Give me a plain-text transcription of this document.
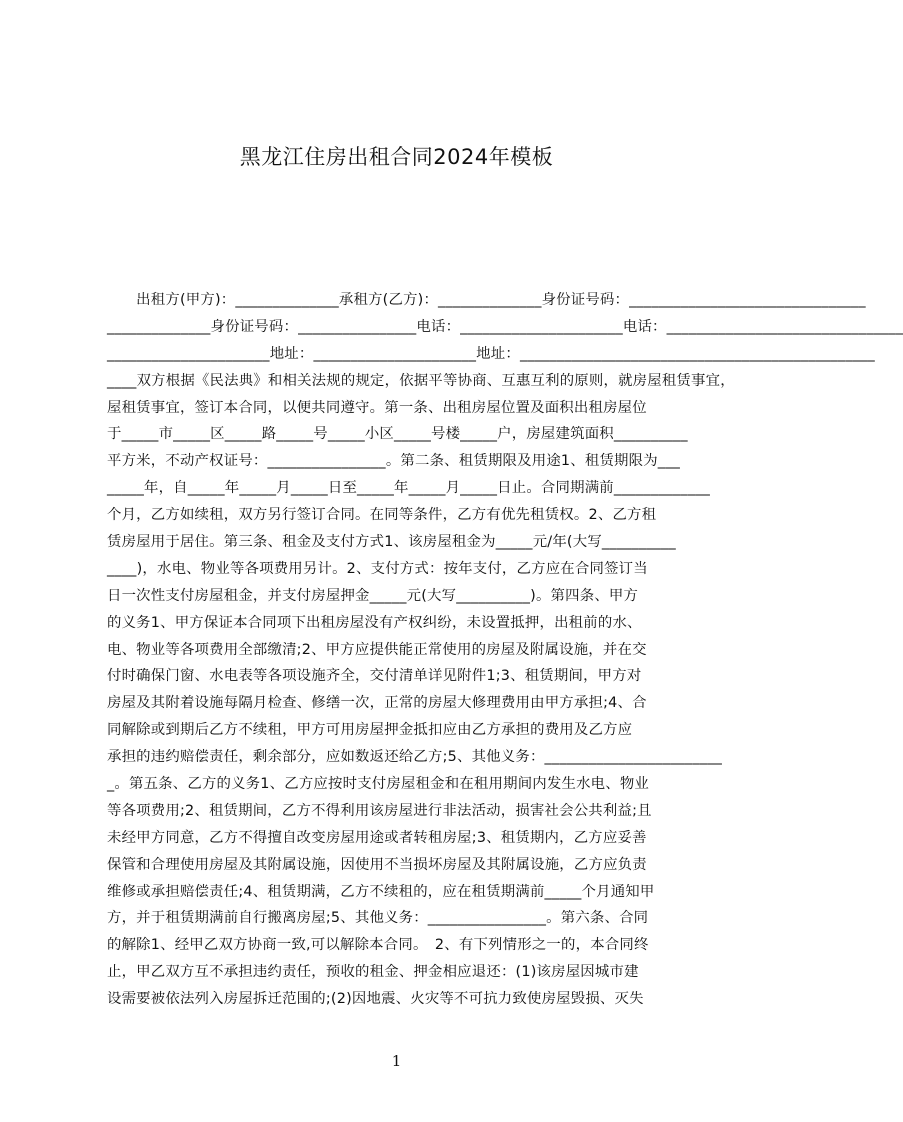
黑龙江住房出租合同2024年模板
　　出租方(甲方)：______________承租方(乙方)：______________身份证号码：________________________________
______________身份证号码：________________电话：______________________电话：________________________________
______________________地址：______________________地址：________________________________________________
____双方根据《民法典》和相关法规的规定，依据平等协商、互惠互利的原则，就房屋租赁事宜，
屋租赁事宜，签订本合同，以便共同遵守。第一条、出租房屋位置及面积出租房屋位
于_____市_____区_____路_____号_____小区_____号楼_____户，房屋建筑面积__________
平方米，不动产权证号：________________。第二条、租赁期限及用途1、租赁期限为___
_____年，自_____年_____月_____日至_____年_____月_____日止。合同期满前_____________
个月，乙方如续租，双方另行签订合同。在同等条件，乙方有优先租赁权。2、乙方租
赁房屋用于居住。第三条、租金及支付方式1、该房屋租金为_____元/年(大写__________
____)，水电、物业等各项费用另计。2、支付方式：按年支付，乙方应在合同签订当
日一次性支付房屋租金，并支付房屋押金_____元(大写__________)。第四条、甲方
的义务1、甲方保证本合同项下出租房屋没有产权纠纷，未设置抵押，出租前的水、
电、物业等各项费用全部缴清;2、甲方应提供能正常使用的房屋及附属设施，并在交
付时确保门窗、水电表等各项设施齐全，交付清单详见附件1;3、租赁期间，甲方对
房屋及其附着设施每隔月检查、修缮一次，正常的房屋大修理费用由甲方承担;4、合
同解除或到期后乙方不续租，甲方可用房屋押金抵扣应由乙方承担的费用及乙方应
承担的违约赔偿责任，剩余部分，应如数返还给乙方;5、其他义务：________________________
_。第五条、乙方的义务1、乙方应按时支付房屋租金和在租用期间内发生水电、物业
等各项费用;2、租赁期间，乙方不得利用该房屋进行非法活动，损害社会公共利益;且
未经甲方同意，乙方不得擅自改变房屋用途或者转租房屋;3、租赁期内，乙方应妥善
保管和合理使用房屋及其附属设施，因使用不当损坏房屋及其附属设施，乙方应负责
维修或承担赔偿责任;4、租赁期满，乙方不续租的，应在租赁期满前_____个月通知甲
方，并于租赁期满前自行搬离房屋;5、其他义务：________________。第六条、合同
的解除1、经甲乙双方协商一致,可以解除本合同。　2、有下列情形之一的，本合同终
止，甲乙双方互不承担违约责任，预收的租金、押金相应退还：(1)该房屋因城市建
设需要被依法列入房屋拆迁范围的;(2)因地震、火灾等不可抗力致使房屋毁损、灭失
1
